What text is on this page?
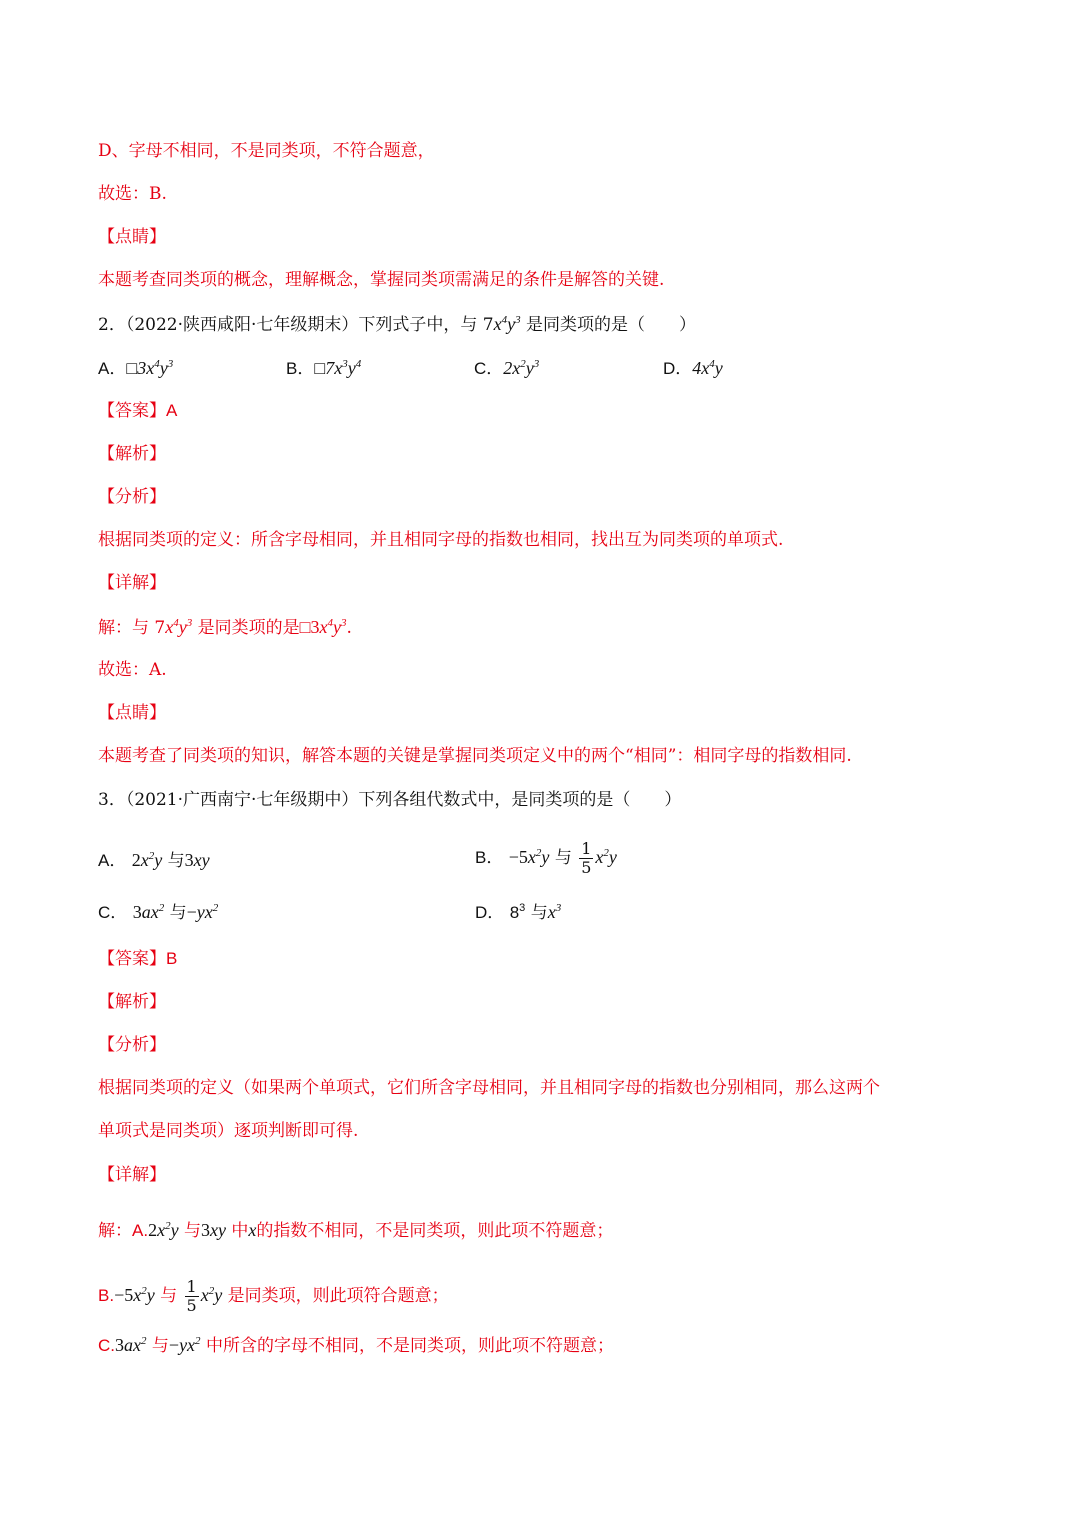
D、字母不相同，不是同类项，不符合题意，
故选：B.
【点睛】
本题考查同类项的概念，理解概念，掌握同类项需满足的条件是解答的关键.
2．（2022·陕西咸阳·七年级期末）下列式子中，与 $7x^4y^3$ 是同类项的是（　　）
A．$□3x^4y^3$	B．$□7x^3y^4$	C．$2x^2y^3$	D．$4x^4y$
【答案】A
【解析】
【分析】
根据同类项的定义：所含字母相同，并且相同字母的指数也相同，找出互为同类项的单项式.
【详解】
解：与 $7x^4y^3$ 是同类项的是$□3x^4y^3$.
故选：A.
【点睛】
本题考查了同类项的知识，解答本题的关键是掌握同类项定义中的两个“相同”：相同字母的指数相同.
3．（2021·广西南宁·七年级期中）下列各组代数式中，是同类项的是（　　）
A． $2x^2y$ 与3xy	B． $-5x^2y$ 与 $\frac{1}{5} x^2y$
C． $3ax^2$ 与$-yx^2$	D． $8^3$ 与$x^3$
【答案】B
【解析】
【分析】
根据同类项的定义（如果两个单项式，它们所含字母相同，并且相同字母的指数也分别相同，那么这两个
单项式是同类项）逐项判断即可得.
【详解】
解：$A.2x^2y$ 与3xy 中x的指数不相同，不是同类项，则此项不符题意；
$B.-5x^2y$ 与 $\frac{1}{5} x^2y$ 是同类项，则此项符合题意；
$C.3ax^2$ 与$-yx^2$ 中所含的字母不相同，不是同类项，则此项不符题意；
